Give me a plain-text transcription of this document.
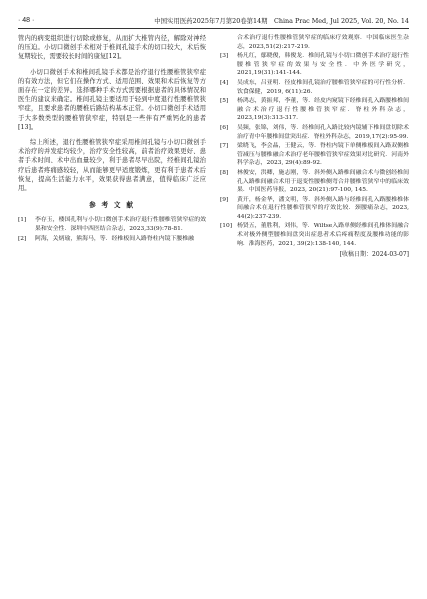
· 48 ·	中国实用医药2025年7月第20卷第14期　China Prac Med, Jul 2025, Vol. 20, No. 14

管内的病变组织进行切除或修复，从而扩大椎管内径，解除对神经的压迫。小切口微创手术相对于椎间孔镜手术的切口较大，术后恢复期较长，需要较长时间的康复[12]。

小切口微创手术和椎间孔镜手术都是治疗退行性腰椎管狭窄症的有效方法，但它们在操作方式、适用范围、效果和术后恢复等方面存在一定的差异。选择哪种手术方式需要根据患者的具体情况和医生的建议来确定。椎间孔镜主要适用于轻到中度退行性腰椎管狭窄症，且要求患者的腰椎后路结构基本正常。小切口微创手术适用于大多数类型的腰椎管狭窄症，特别是一些伴有严重钙化的患者[13]。

综上所述，退行性腰椎管狭窄症采用椎间孔镜与小切口微创手术治疗的并发症均较少，治疗安全性较高，前者治疗效果更好、患者手术时间、术中出血量较少，利于患者尽早出院，经椎间孔镜治疗后患者疼痛感较轻，从而能够更早适度锻炼，更有利于患者术后恢复，提高生活能力水平，效果获得患者满意，值得临床广泛应用。

参 考 文 献
[1]	李存玉，楼国孔利与小切口微创手术治疗退行性腰椎管狭窄症的效果和安全性．深圳中西医结合杂志，2023,33(9):78-81.
[2]	阿海，关炳瑜，熊海马，等．经椎板间入路脊柱内镜下腰椎融
合术治疗退行性腰椎管狭窄症的临床疗效观察．中国临床医生杂志，2023,51(2):217-219.
[3]	杨凡红，鄢晓俊，韩俊龙．椎间孔镜与小切口微创手术治疗退行性腰椎管狭窄症的效果与安全性．中外医学研究，2021,19(31):141-144.
[4]	吴成东，吕亚明．径皮椎间孔镜治疗腰椎管狭窄症的可行性分析．饮食保健，2019, 6(11):26.
[5]	杨鸿志，黄振邦，李董，等．经皮内窥镜下经椎间孔入路腰椎椎间融合术治疗退行性腰椎管狭窄症．脊柱外科杂志，2023,19(3):313-317.
[6]	吴频，张锦，刘伟，等．经椎间孔入路比较内镜辅下椎间盘切除术治疗青中年腰椎间盘突出症．脊柱外科杂志，2019,17(2):95-99.
[7]	梁晓飞，李会晶，王健云，等．脊柱内镜下单侧椎板间入路双侧椎管减压与腰椎融合术治疗老年腰椎管狭窄症效果对比研究．河南外科学杂志，2023, 29(4):89-92.
[8]	林俊安，洪卿，施志刚，等．斜外侧入路椎间融合术与微创经椎间孔入路椎间融合术用于退变性腰椎侧弯合并腰椎管狭窄中的临床效果．中国医药导报，2023, 20(21):97-100, 145.
[9]	黄开，杨金华，潘文明，等．斜外侧入路与经椎间孔入路腰椎椎体间融合术在退行性腰椎管狭窄的疗效比较．颈腰痛杂志，2023, 44(2):237-239.
[10] 杨贤五，董胜利，刘伟，等．Wiltse入路单侧经椎间孔椎体间融合术对极外侧型腰椎间盘突出症患者术后疼痛程度及腰椎功能的影响．淮海医药，2021, 39(2):138-140, 144.
[收稿日期：2024-03-07]
